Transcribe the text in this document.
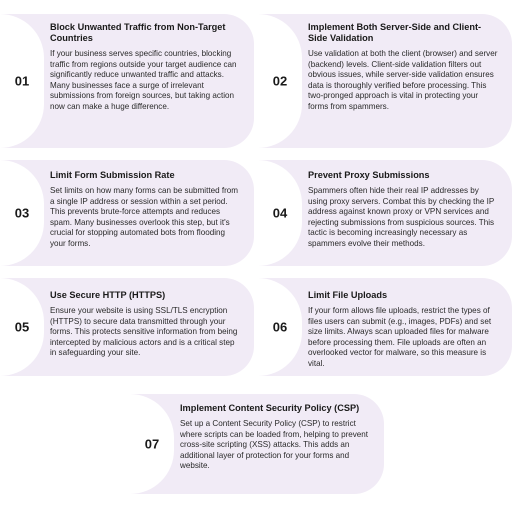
01
Block Unwanted Traffic from Non-Target Countries
If your business serves specific countries, blocking traffic from regions outside your target audience can significantly reduce unwanted traffic and attacks. Many businesses face a surge of irrelevant submissions from foreign sources, but taking action now can make a huge difference.
02
Implement Both Server-Side and Client-Side Validation
Use validation at both the client (browser) and server (backend) levels. Client-side validation filters out obvious issues, while server-side validation ensures data is thoroughly verified before processing. This two-pronged approach is vital in protecting your forms from spammers.
03
Limit Form Submission Rate
Set limits on how many forms can be submitted from a single IP address or session within a set period. This prevents brute-force attempts and reduces spam. Many businesses overlook this step, but it's crucial for stopping automated bots from flooding your forms.
04
Prevent Proxy Submissions
Spammers often hide their real IP addresses by using proxy servers. Combat this by checking the IP address against known proxy or VPN services and rejecting submissions from suspicious sources. This tactic is becoming increasingly necessary as spammers evolve their methods.
05
Use Secure HTTP (HTTPS)
Ensure your website is using SSL/TLS encryption (HTTPS) to secure data transmitted through your forms. This protects sensitive information from being intercepted by malicious actors and is a critical step in safeguarding your site.
06
Limit File Uploads
If your form allows file uploads, restrict the types of files users can submit (e.g., images, PDFs) and set size limits. Always scan uploaded files for malware before processing them. File uploads are often an overlooked vector for malware, so this measure is vital.
07
Implement Content Security Policy (CSP)
Set up a Content Security Policy (CSP) to restrict where scripts can be loaded from, helping to prevent cross-site scripting (XSS) attacks. This adds an additional layer of protection for your forms and website.
